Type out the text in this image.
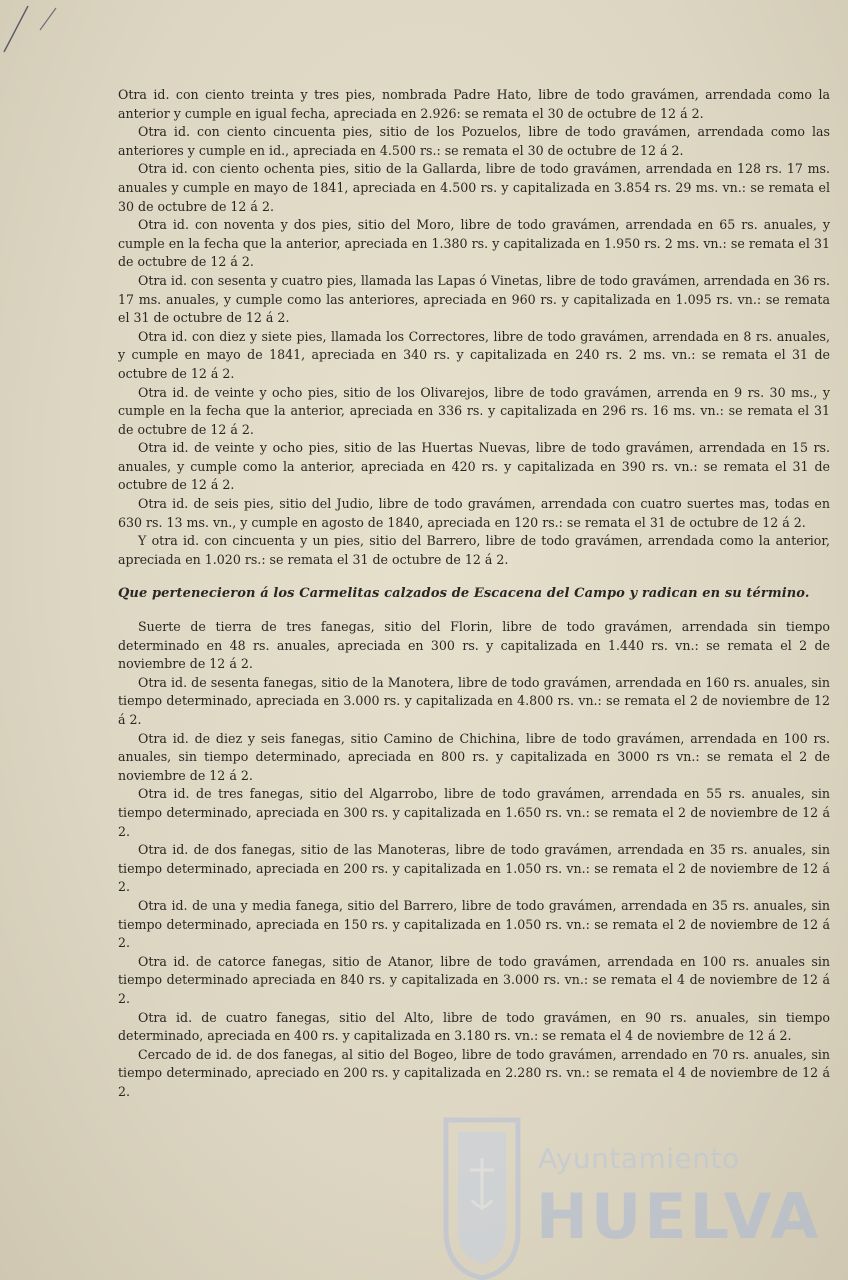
Otra id. con ciento treinta y tres pies, nombrada Padre Hato, libre de todo gravámen, arrendada como la anterior y cumple en igual fecha, apreciada en 2.926: se remata el 30 de octubre de 12 á 2.

Otra id. con ciento cincuenta pies, sitio de los Pozuelos, libre de todo gravámen, arrendada como las anteriores y cumple en id., apreciada en 4.500 rs.: se remata el 30 de octubre de 12 á 2.

Otra id. con ciento ochenta pies, sitio de la Gallarda, libre de todo gravámen, arrendada en 128 rs. 17 ms. anuales y cumple en mayo de 1841, apreciada en 4.500 rs. y capitalizada en 3.854 rs. 29 ms. vn.: se remata el 30 de octubre de 12 á 2.

Otra id. con noventa y dos pies, sitio del Moro, libre de todo gravámen, arrendada en 65 rs. anuales, y cumple en la fecha que la anterior, apreciada en 1.380 rs. y capitalizada en 1.950 rs. 2 ms. vn.: se remata el 31 de octubre de 12 á 2.

Otra id. con sesenta y cuatro pies, llamada las Lapas ó Vinetas, libre de todo gravámen, arrendada en 36 rs. 17 ms. anuales, y cumple como las anteriores, apreciada en 960 rs. y capitalizada en 1.095 rs. vn.: se remata el 31 de octubre de 12 á 2.

Otra id. con diez y siete pies, llamada los Correctores, libre de todo gravámen, arrendada en 8 rs. anuales, y cumple en mayo de 1841, apreciada en 340 rs. y capitalizada en 240 rs. 2 ms. vn.: se remata el 31 de octubre de 12 á 2.

Otra id. de veinte y ocho pies, sitio de los Olivarejos, libre de todo gravámen, arrenda en 9 rs. 30 ms., y cumple en la fecha que la anterior, apreciada en 336 rs. y capitalizada en 296 rs. 16 ms. vn.: se remata el 31 de octubre de 12 á 2.

Otra id. de veinte y ocho pies, sitio de las Huertas Nuevas, libre de todo gravámen, arrendada en 15 rs. anuales, y cumple como la anterior, apreciada en 420 rs. y capitalizada en 390 rs. vn.: se remata el 31 de octubre de 12 á 2.

Otra id. de seis pies, sitio del Judio, libre de todo gravámen, arrendada con cuatro suertes mas, todas en 630 rs. 13 ms. vn., y cumple en agosto de 1840, apreciada en 120 rs.: se remata el 31 de octubre de 12 á 2.

Y otra id. con cincuenta y un pies, sitio del Barrero, libre de todo gravámen, arrendada como la anterior, apreciada en 1.020 rs.: se remata el 31 de octubre de 12 á 2.

Que pertenecieron á los Carmelitas calzados de Escacena del Campo y radican en su término.

Suerte de tierra de tres fanegas, sitio del Florin, libre de todo gravámen, arrendada sin tiempo determinado en 48 rs. anuales, apreciada en 300 rs. y capitalizada en 1.440 rs. vn.: se remata el 2 de noviembre de 12 á 2.

Otra id. de sesenta fanegas, sitio de la Manotera, libre de todo gravámen, arrendada en 160 rs. anuales, sin tiempo determinado, apreciada en 3.000 rs. y capitalizada en 4.800 rs. vn.: se remata el 2 de noviembre de 12 á 2.

Otra id. de diez y seis fanegas, sitio Camino de Chichina, libre de todo gravámen, arrendada en 100 rs. anuales, sin tiempo determinado, apreciada en 800 rs. y capitalizada en 3000 rs vn.: se remata el 2 de noviembre de 12 á 2.

Otra id. de tres fanegas, sitio del Algarrobo, libre de todo gravámen, arrendada en 55 rs. anuales, sin tiempo determinado, apreciada en 300 rs. y capitalizada en 1.650 rs. vn.: se remata el 2 de noviembre de 12 á 2.

Otra id. de dos fanegas, sitio de las Manoteras, libre de todo gravámen, arrendada en 35 rs. anuales, sin tiempo determinado, apreciada en 200 rs. y capitalizada en 1.050 rs. vn.: se remata el 2 de noviembre de 12 á 2.

Otra id. de una y media fanega, sitio del Barrero, libre de todo gravámen, arrendada en 35 rs. anuales, sin tiempo determinado, apreciada en 150 rs. y capitalizada en 1.050 rs. vn.: se remata el 2 de noviembre de 12 á 2.

Otra id. de catorce fanegas, sitio de Atanor, libre de todo gravámen, arrendada en 100 rs. anuales sin tiempo determinado apreciada en 840 rs. y capitalizada en 3.000 rs. vn.: se remata el 4 de noviembre de 12 á 2.

Otra id. de cuatro fanegas, sitio del Alto, libre de todo gravámen, en 90 rs. anuales, sin tiempo determinado, apreciada en 400 rs. y capitalizada en 3.180 rs. vn.: se remata el 4 de noviembre de 12 á 2.

Cercado de id. de dos fanegas, al sitio del Bogeo, libre de todo gravámen, arrendado en 70 rs. anuales, sin tiempo determinado, apreciado en 200 rs. y capitalizada en 2.280 rs. vn.: se remata el 4 de noviembre de 12 á 2.

Ayuntamiento
HUELVA
